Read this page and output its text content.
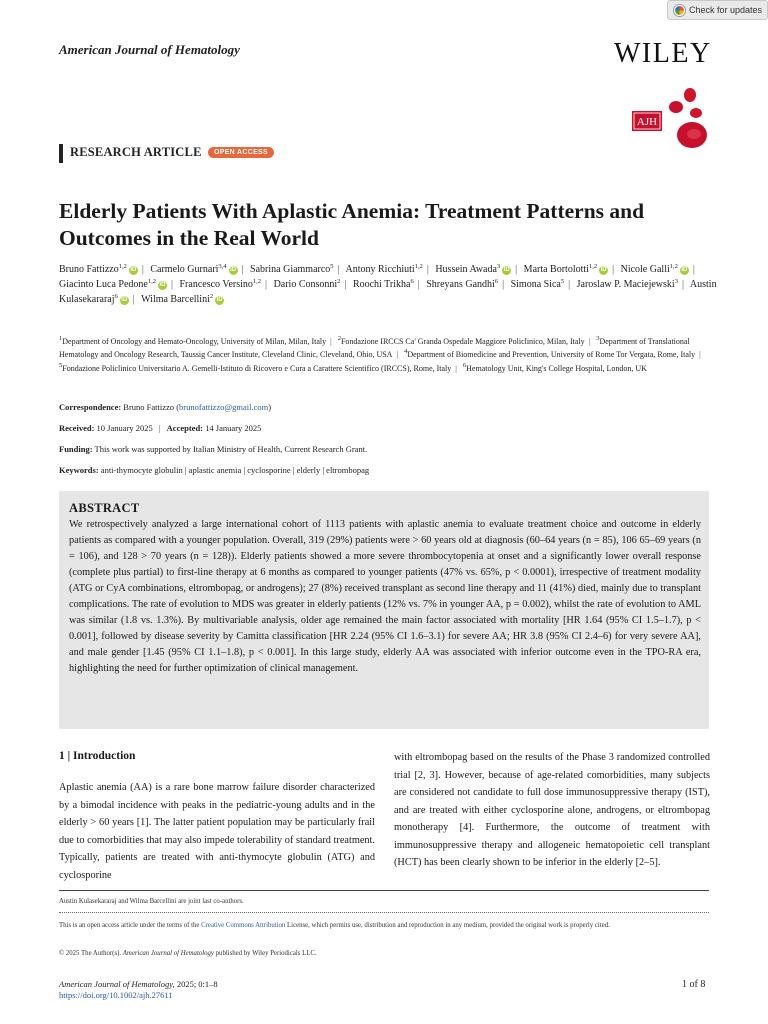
Check for updates
American Journal of Hematology	WILEY
AJH
RESEARCH ARTICLE	OPEN ACCESS
Elderly Patients With Aplastic Anemia: Treatment Patterns and Outcomes in the Real World
Bruno Fattizzo$^{1,2}$ iD | Carmelo Gurnari$^{3,4}$ iD | Sabrina Giammarco$^5$ | Antony Ricchiuti$^{1,2}$ | Hussein Awada$^3$ iD | Marta Bortolotti$^{1,2}$ iD | Nicole Galli$^{1,2}$ iD | Giacinto Luca Pedone$^{1,2}$ iD | Francesco Versino$^{1,2}$ | Dario Consonni$^2$ | Roochi Trikha$^6$ | Shreyans Gandhi$^6$ | Simona Sica$^5$ | Jaroslaw P. Maciejewski$^3$ | Austin Kulasekararaj$^6$ iD | Wilma Barcellini$^2$ iD
$^1$Department of Oncology and Hemato-Oncology, University of Milan, Milan, Italy | $^2$Fondazione IRCCS Ca' Granda Ospedale Maggiore Policlinico, Milan, Italy | $^3$Department of Translational Hematology and Oncology Research, Taussig Cancer Institute, Cleveland Clinic, Cleveland, Ohio, USA | $^4$Department of Biomedicine and Prevention, University of Rome Tor Vergata, Rome, Italy | $^5$Fondazione Policlinico Universitario A. Gemelli-Istituto di Ricovero e Cura a Carattere Scientifico (IRCCS), Rome, Italy | $^6$Hematology Unit, King's College Hospital, London, UK
Correspondence: Bruno Fattizzo (brunofattizzo@gmail.com)
Received: 10 January 2025 | Accepted: 14 January 2025
Funding: This work was supported by Italian Ministry of Health, Current Research Grant.
Keywords: anti-thymocyte globulin | aplastic anemia | cyclosporine | elderly | eltrombopag
ABSTRACT
We retrospectively analyzed a large international cohort of 1113 patients with aplastic anemia to evaluate treatment choice and outcome in elderly patients as compared with a younger population. Overall, 319 (29%) patients were > 60 years old at diagnosis (60–64 years (n = 85), 106 65–69 years (n = 106), and 128 > 70 years (n = 128)). Elderly patients showed a more severe thrombocytopenia at onset and a significantly lower overall response (complete plus partial) to first-line therapy at 6 months as compared to younger patients (47% vs. 65%, p < 0.0001), irrespective of treatment modality (ATG or CyA combinations, eltrombopag, or androgens); 27 (8%) received transplant as second line therapy and 11 (41%) died, mainly due to transplant complications. The rate of evolution to MDS was greater in elderly patients (12% vs. 7% in younger AA, p = 0.002), whilst the rate of evolution to AML was similar (1.8 vs. 1.3%). By multivariable analysis, older age remained the main factor associated with mortality [HR 1.64 (95% CI 1.5–1.7), p < 0.001], followed by disease severity by Camitta classification [HR 2.24 (95% CI 1.6–3.1) for severe AA; HR 3.8 (95% CI 2.4–6) for very severe AA], and male gender [1.45 (95% CI 1.1–1.8), p < 0.001]. In this large study, elderly AA was associated with inferior outcome even in the TPO-RA era, highlighting the need for further optimization of clinical management.
1 | Introduction
Aplastic anemia (AA) is a rare bone marrow failure disorder characterized by a bimodal incidence with peaks in the pediatric-young adults and in the elderly > 60 years [1]. The latter patient population may be particularly frail due to comorbidities that may also impede tolerability of standard treatment. Typically, patients are treated with anti-thymocyte globulin (ATG) and cyclosporine
with eltrombopag based on the results of the Phase 3 randomized controlled trial [2, 3]. However, because of age-related comorbidities, many subjects are considered not candidate to full dose immunosuppressive therapy (IST), and are treated with either cyclosporine alone, androgens, or eltrombopag monotherapy [4]. Furthermore, the outcome of treatment with immunosuppressive therapy and allogeneic hematopoietic cell transplant (HCT) has been clearly shown to be inferior in the elderly [2–5].
Austin Kulasekararaj and Wilma Barcellini are joint last co-authors.
This is an open access article under the terms of the Creative Commons Attribution License, which permits use, distribution and reproduction in any medium, provided the original work is properly cited.
© 2025 The Author(s). American Journal of Hematology published by Wiley Periodicals LLC.
American Journal of Hematology, 2025; 0:1–8
https://doi.org/10.1002/ajh.27611
1 of 8
